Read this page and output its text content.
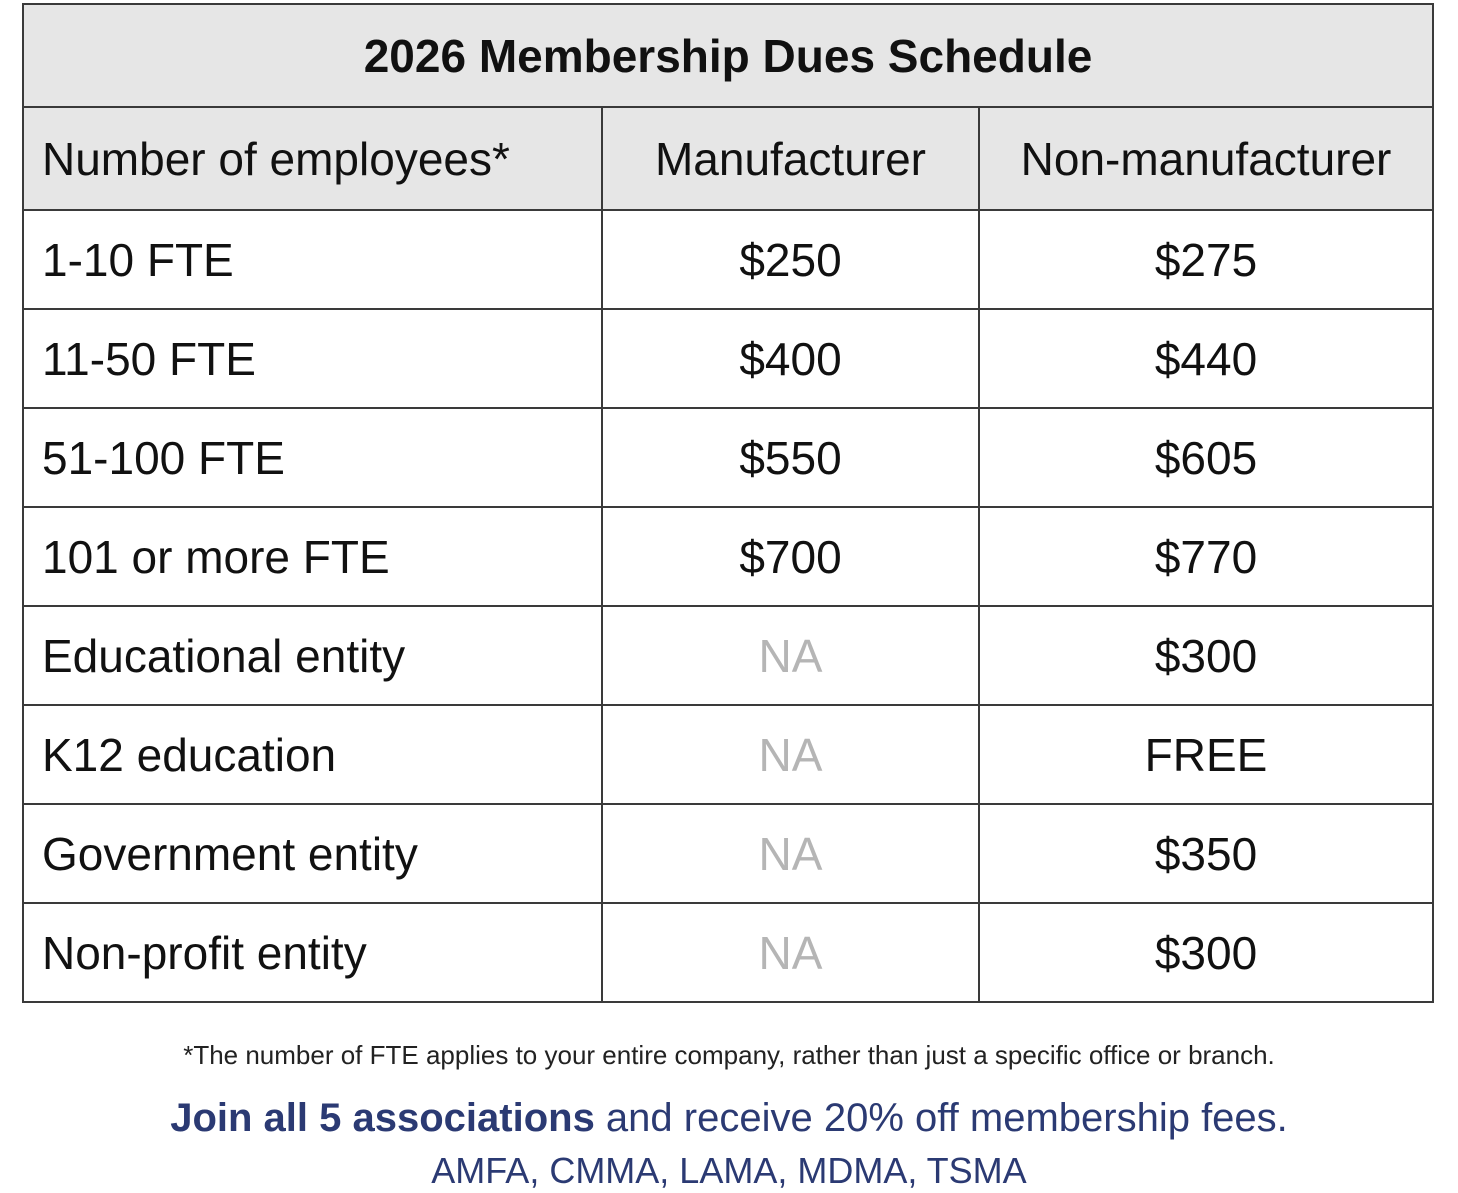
2026 Membership Dues Schedule		
Number of employees*	Manufacturer	Non-manufacturer
1-10 FTE	$250	$275
11-50 FTE	$400	$440
51-100 FTE	$550	$605
101 or more FTE	$700	$770
Educational entity	NA	$300
K12 education	NA	FREE
Government entity	NA	$350
Non-profit entity	NA	$300
*The number of FTE applies to your entire company, rather than just a specific office or branch.
Join all 5 associations and receive 20% off membership fees.
AMFA, CMMA, LAMA, MDMA, TSMA
